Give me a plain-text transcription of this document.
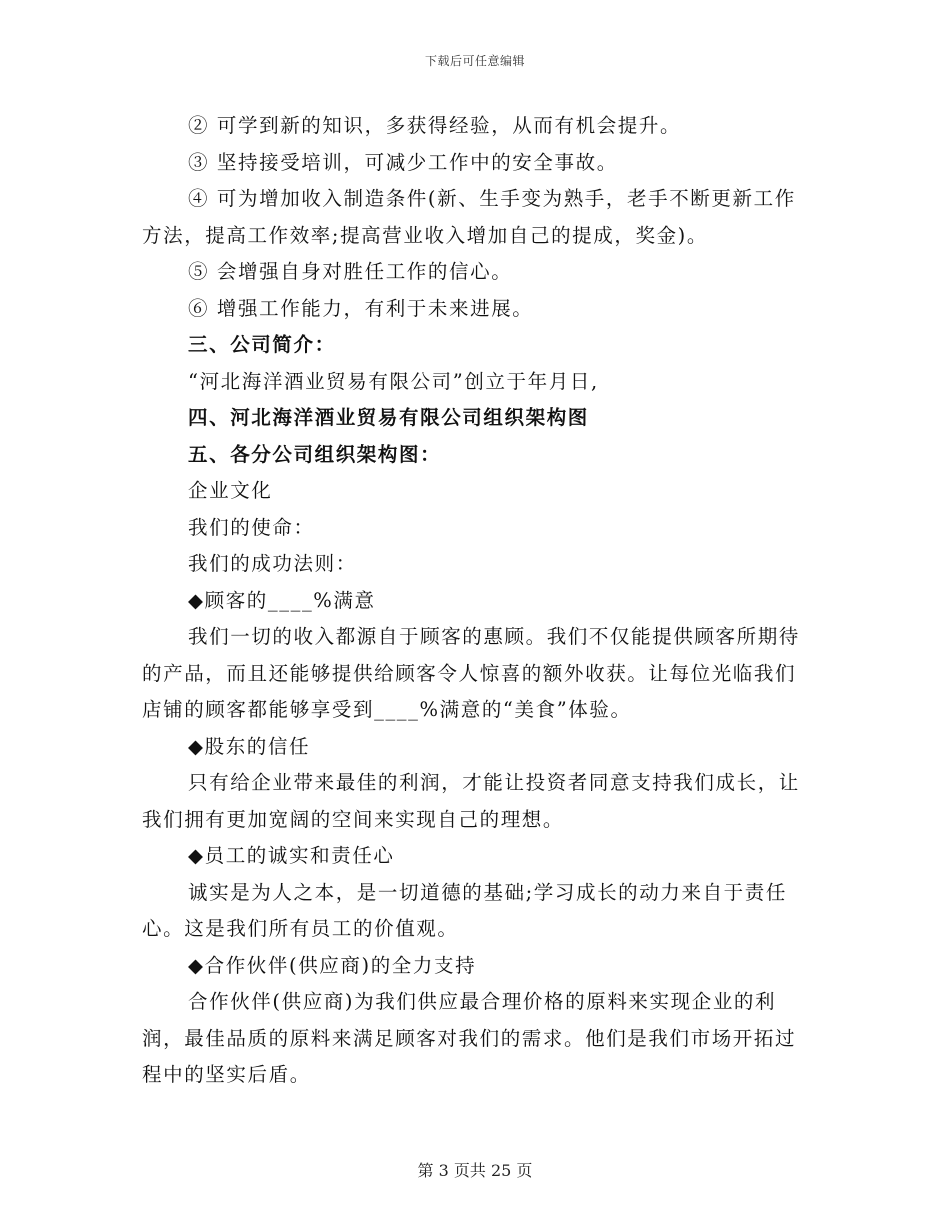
下载后可任意编辑

② 可学到新的知识，多获得经验，从而有机会提升。

③ 坚持接受培训，可减少工作中的安全事故。

④ 可为增加收入制造条件(新、生手变为熟手，老手不断更新工作方法，提高工作效率;提高营业收入增加自己的提成，奖金)。

⑤ 会增强自身对胜任工作的信心。

⑥ 增强工作能力，有利于未来进展。

三、公司简介：

“河北海洋酒业贸易有限公司”创立于年月日,

四、河北海洋酒业贸易有限公司组织架构图

五、各分公司组织架构图：

企业文化

我们的使命：

我们的成功法则：

◆顾客的____%满意

我们一切的收入都源自于顾客的惠顾。我们不仅能提供顾客所期待的产品，而且还能够提供给顾客令人惊喜的额外收获。让每位光临我们店铺的顾客都能够享受到____%满意的“美食”体验。

◆股东的信任

只有给企业带来最佳的利润，才能让投资者同意支持我们成长，让我们拥有更加宽阔的空间来实现自己的理想。

◆员工的诚实和责任心

诚实是为人之本，是一切道德的基础;学习成长的动力来自于责任心。这是我们所有员工的价值观。

◆合作伙伴(供应商)的全力支持

合作伙伴(供应商)为我们供应最合理价格的原料来实现企业的利润，最佳品质的原料来满足顾客对我们的需求。他们是我们市场开拓过程中的坚实后盾。

第 3 页共 25 页
